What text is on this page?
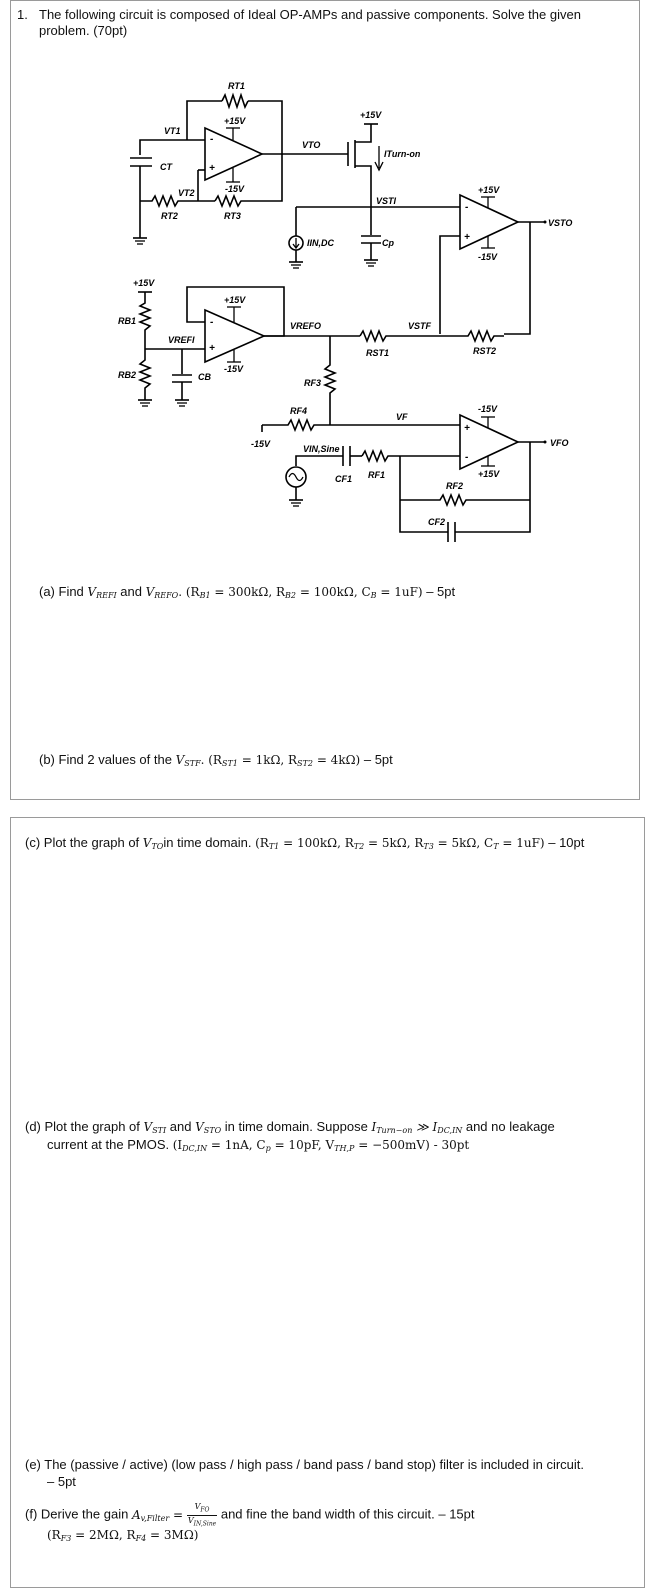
1. The following circuit is composed of Ideal OP-AMPs and passive components. Solve the given
problem. (70pt)
+15V
-15V
-
+
RT1
VT1
CT
RT2
VT2
RT3
VTO
+15V
ITurn-on
VSTI
IIN,DC	Cp
+15V
-15V
-
+
VSTO
+15V
RB1
VREFI
RB2	CB
+15V
-15V
-
+
VREFO
RST1
VSTF
RST2
RF3
RF4
-15V
VF
VIN,Sine
CF1 RF1
-15V
+15V
+
-
VFO
RF2
CF2
(a) Find $V_{REFI}$ and $V_{REFO}$. ($R_{B1} = 300k\Omega$, $R_{B2} = 100k\Omega$, $C_B = 1uF) - 5pt$
(b) Find 2 values of the $V_{STF}$. ($R_{ST1} = 1k\Omega$, $R_{ST2} = 4k\Omega) - 5pt$
(c) Plot the graph of $V_{TO}in$ time domain. ($R_{T1} = 100k\Omega$, $R_{T2} = 5k\Omega$, $R_{T3} = 5k\Omega$, $C_T = 1uF) - 10pt$
(d) Plot the graph of $V_{STI}$ and $V_{STO}$ in time domain. Suppose $I_{Turn-on}$ ≫ $I_{DC,IN}$ and no leakage
current at the PMOS. ($I_{DC,IN} = 1nA$, $C_p = 10pF$, $V_{TH,P} = -500mV) - 30pt$
(e) The (passive / active) (low pass / high pass / band pass / band stop) filter is included in circuit.
– 5pt
(f) Derive the gain $A_{v,Filter} = \frac{V_{FO}}{V_{IN,Sine}}$ and fine the band width of this circuit. – 15pt
($R_{F3} = 2M\Omega$, $R_{F4} = 3M\Omega$)
